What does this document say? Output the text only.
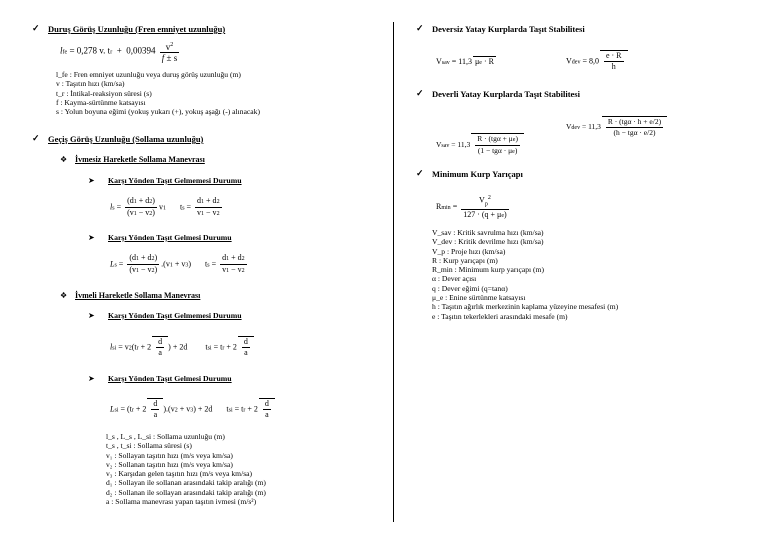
✓ Duruş Görüş Uzunluğu (Fren emniyet uzunluğu)
lfe = 0,278 v. tr  +  $0,00394 \frac{v^2}{f \pm s}$
l_fe : Fren emniyet uzunluğu veya duruş görüş uzunluğu (m)
v : Taşıtın hızı (km/sa)
t_r : İntikal-reaksiyon süresi (s)
f : Kayma-sürtünme katsayısı
s : Yolun boyuna eğimi (yokuş yukarı (+), yokuş aşağı (-) alınacak)
✓ Geçiş Görüş Uzunluğu (Sollama uzunluğu)
❖ İvmesiz Hareketle Sollama Manevrası
➤ Karşı Yönden Taşıt Gelmemesi Durumu
ls = $\frac{(d1 + d2)}{(v1 - v2)} v1$       ts = $\frac{d1 + d2}{v1 - v2}$
➤ Karşı Yönden Taşıt Gelmesi Durumu
$Ls = \frac{(d1 + d2)}{(v1 - v2)} .(v1 + v3)$       ts = $\frac{d1 + d2}{v1 - v2}$
❖ İvmeli Hareketle Sollama Manevrası
➤ Karşı Yönden Taşıt Gelmemesi Durumu
lsi = $v2(tr + 2 \frac{d}{a}$ ) + 2d         tsi = tr + $2 \frac{d}{a}$
➤ Karşı Yönden Taşıt Gelmesi Durumu
Lsi = $(tr + 2 \frac{d}{a} ).(v2 + v3) + 2d$       tsi = tr + $2 \frac{d}{a}$
l_s , L_s , L_si : Sollama uzunluğu (m)
t_s , t_si : Sollama süresi (s)
v₁ : Sollayan taşıtın hızı (m/s veya km/sa)
v₂ : Sollanan taşıtın hızı (m/s veya km/sa)
v₃ : Karşıdan gelen taşıtın hızı (m/s veya km/sa)
d₁ : Sollayan ile sollanan arasındaki takip aralığı (m)
d₂ : Sollanan ile sollayan arasındaki takip aralığı (m)
a : Sollama manevrası yapan taşıtın ivmesi (m/s²)
✓ Deversiz Yatay Kurplarda Taşıt Stabilitesi
Vsav = 11,3 μe · R	Vdev = $8,0 \frac{e \cdot R}{h}$
✓ Deverli Yatay Kurplarda Taşıt Stabilitesi
Vsav = $11,3 \frac{\text{R · (tgα + μe)}}{\text{(1 − tgα · μe)}}$
Vdev = $11,3 \frac{\text{R · (tgα · h + e/2)}}{\text{(h − tgα · e/2)}}$
✓ Minimum Kurp Yarıçapı
$Rmin = \frac{V_p^2}{127 \cdot (q + \mu e)}$
V_sav : Kritik savrulma hızı (km/sa)
V_dev : Kritik devrilme hızı (km/sa)
V_p : Proje hızı (km/sa)
R : Kurp yarıçapı (m)
R_min : Minimum kurp yarıçapı (m)
α : Dever açısı
q : Dever eğimi (q=tanα)
μ_e : Enine sürtünme katsayısı
h : Taşıtın ağırlık merkezinin kaplama yüzeyine mesafesi (m)
e : Taşıtın tekerlekleri arasındaki mesafe (m)
